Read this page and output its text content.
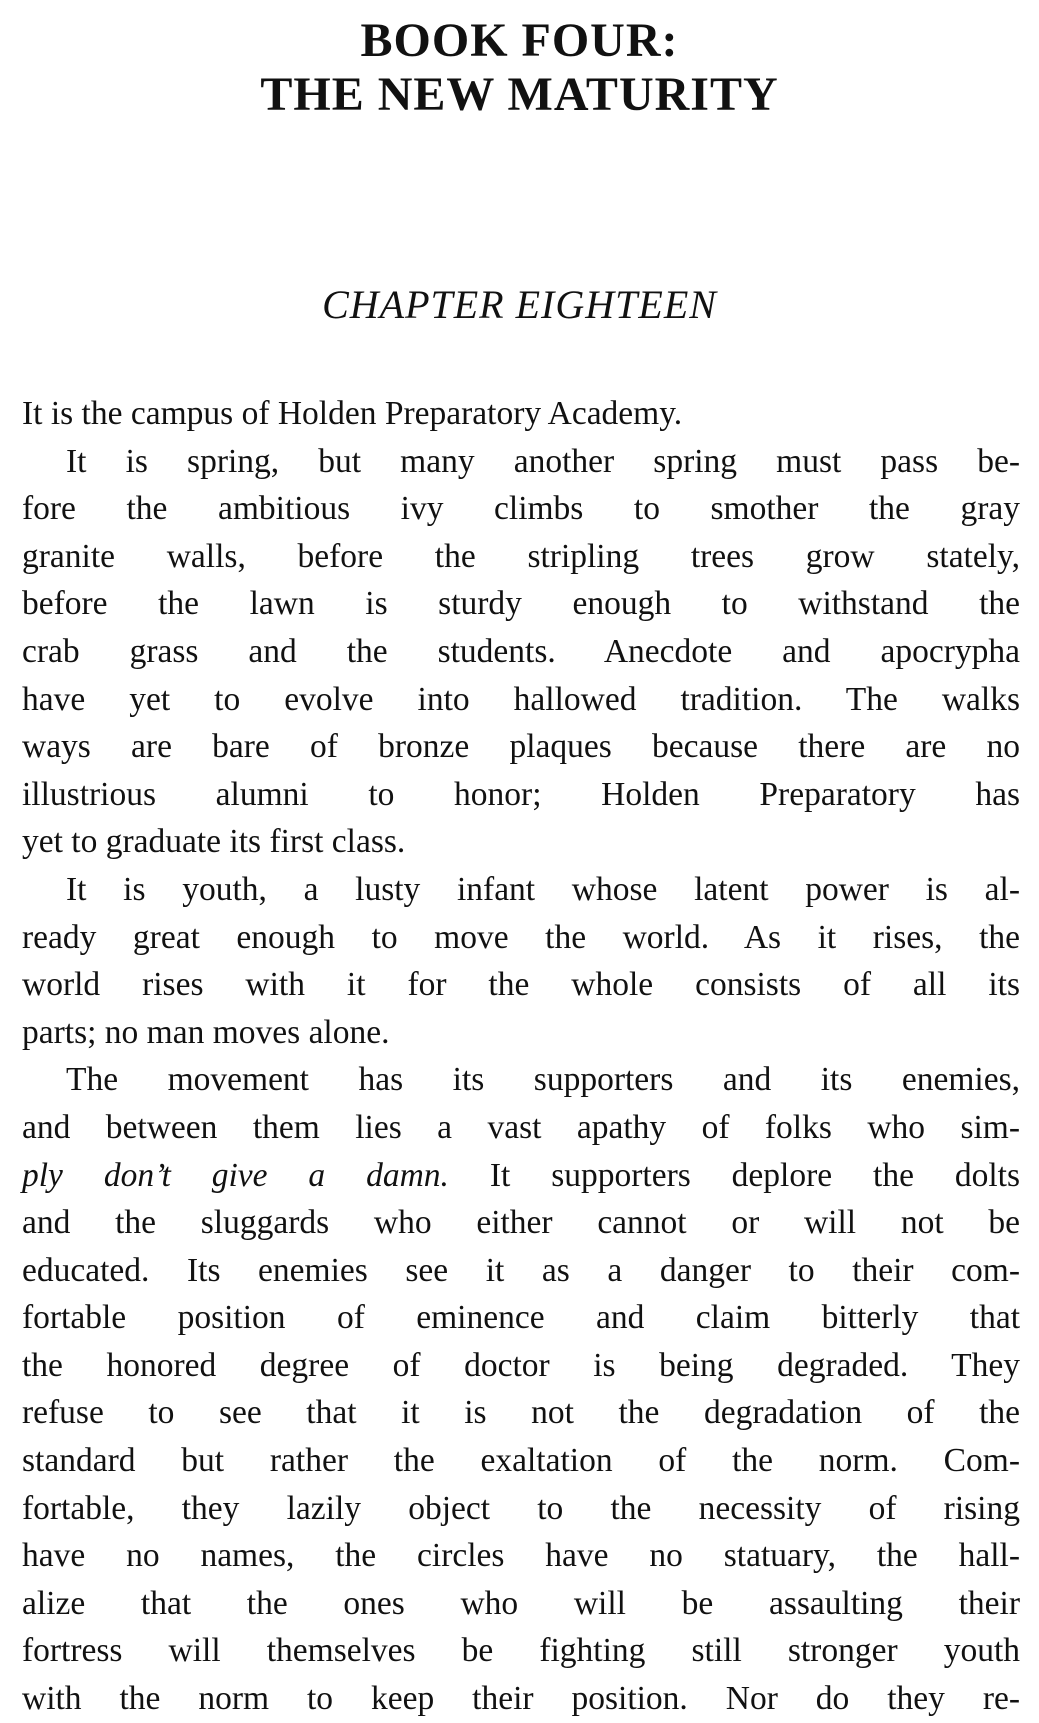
BOOK FOUR:
THE NEW MATURITY
CHAPTER EIGHTEEN
It is the campus of Holden Preparatory Academy.
It is spring, but many another spring must pass be-
fore the ambitious ivy climbs to smother the gray
granite walls, before the stripling trees grow stately,
before the lawn is sturdy enough to withstand the
crab grass and the students. Anecdote and apocrypha
have yet to evolve into hallowed tradition. The walks
ways are bare of bronze plaques because there are no
illustrious alumni to honor; Holden Preparatory has
yet to graduate its first class.
It is youth, a lusty infant whose latent power is al-
ready great enough to move the world. As it rises, the
world rises with it for the whole consists of all its
parts; no man moves alone.
The movement has its supporters and its enemies,
and between them lies a vast apathy of folks who sim-
ply don’t give a damn. It supporters deplore the dolts
and the sluggards who either cannot or will not be
educated. Its enemies see it as a danger to their com-
fortable position of eminence and claim bitterly that
the honored degree of doctor is being degraded. They
refuse to see that it is not the degradation of the
standard but rather the exaltation of the norm. Com-
fortable, they lazily object to the necessity of rising
have no names, the circles have no statuary, the hall-
alize that the ones who will be assaulting their
fortress will themselves be fighting still stronger youth
with the norm to keep their position. Nor do they re-
